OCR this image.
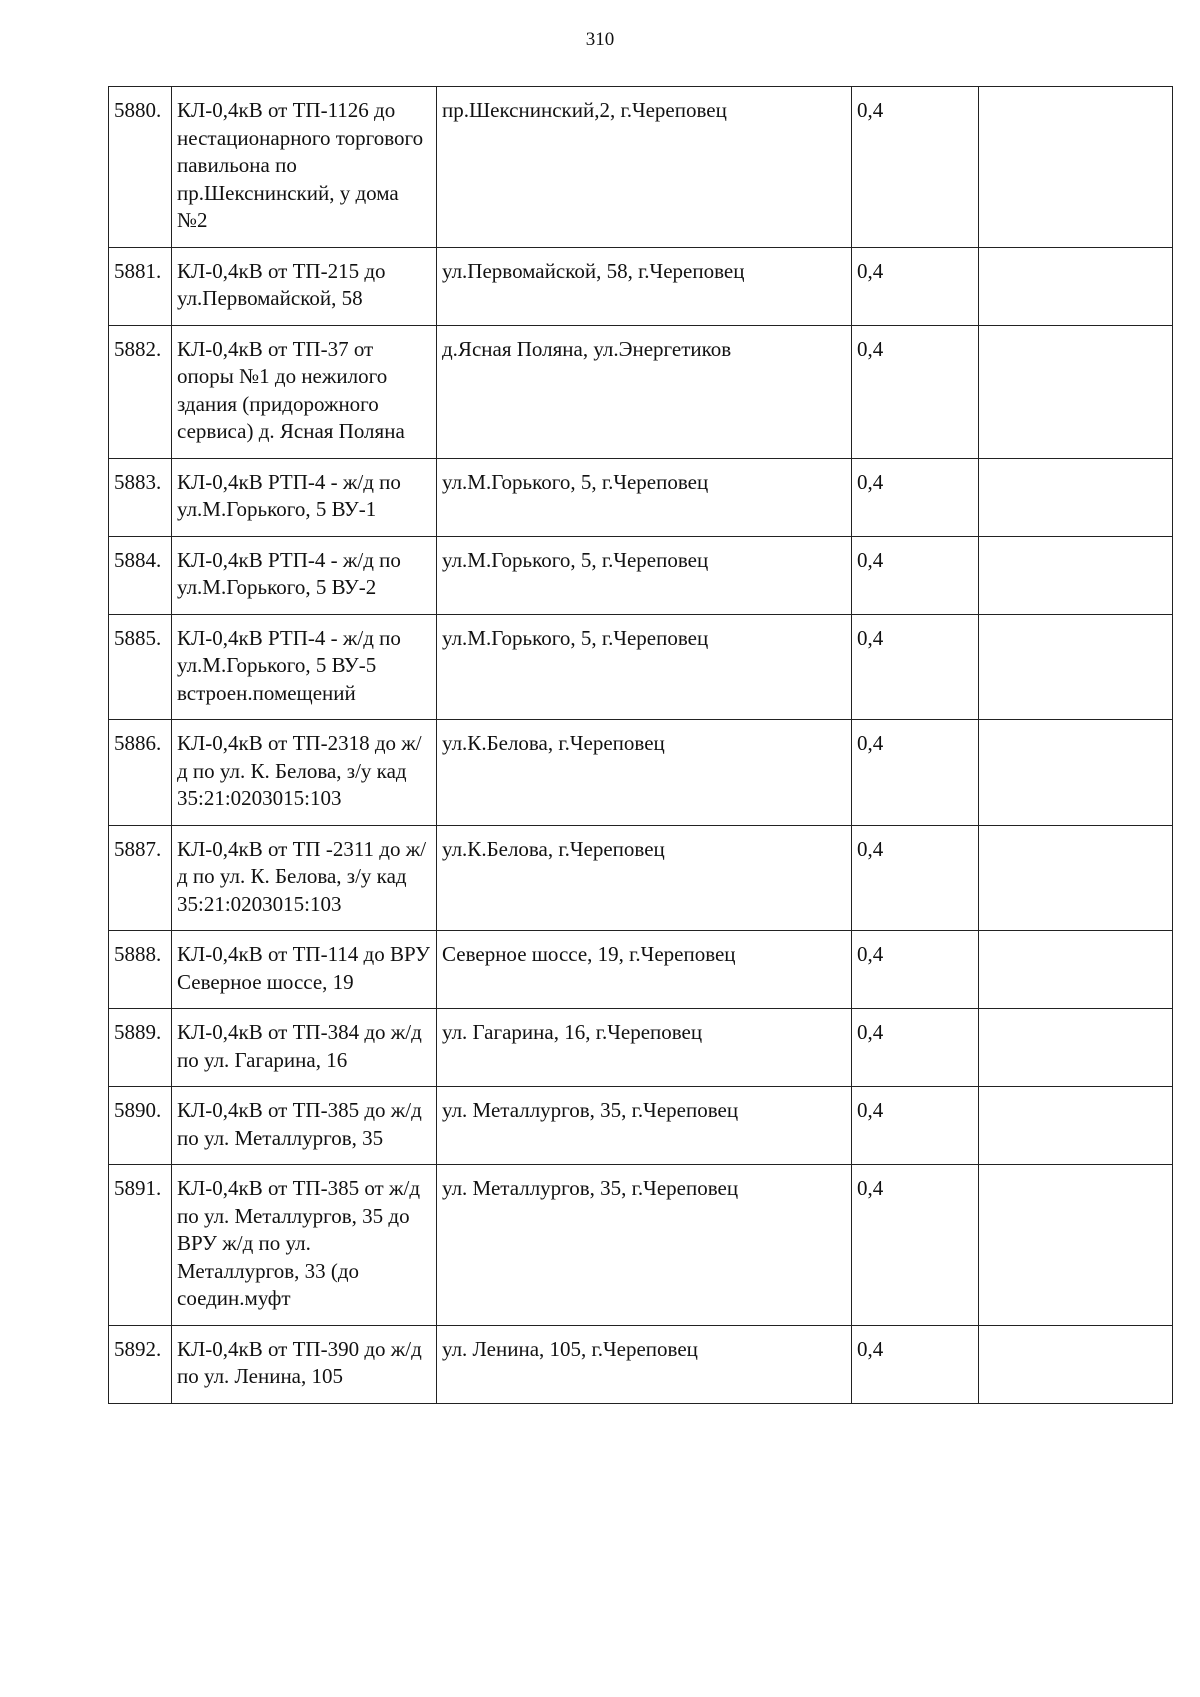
310
5880.	КЛ-0,4кВ от ТП-1126 до нестационарного торгового павильона по пр.Шекснинский, у дома №2	пр.Шекснинский,2, г.Череповец	0,4	
5881.	КЛ-0,4кВ от ТП-215 до ул.Первомайской, 58	ул.Первомайской, 58, г.Череповец	0,4	
5882.	КЛ-0,4кВ от ТП-37 от опоры №1 до нежилого здания (придорожного сервиса) д. Ясная Поляна	д.Ясная Поляна, ул.Энергетиков	0,4	
5883.	КЛ-0,4кВ РТП-4 - ж/д по ул.М.Горького, 5 ВУ-1	ул.М.Горького, 5, г.Череповец	0,4	
5884.	КЛ-0,4кВ РТП-4 - ж/д по ул.М.Горького, 5 ВУ-2	ул.М.Горького, 5, г.Череповец	0,4	
5885.	КЛ-0,4кВ РТП-4 - ж/д по ул.М.Горького, 5 ВУ-5 встроен.помещений	ул.М.Горького, 5, г.Череповец	0,4	
5886.	КЛ-0,4кВ от ТП-2318 до ж/д по ул. К. Белова, з/у кад 35:21:0203015:103	ул.К.Белова, г.Череповец	0,4	
5887.	КЛ-0,4кВ от ТП -2311 до ж/д по ул. К. Белова, з/у кад 35:21:0203015:103	ул.К.Белова, г.Череповец	0,4	
5888.	КЛ-0,4кВ от ТП-114 до ВРУ Северное шоссе, 19	Северное шоссе, 19, г.Череповец	0,4	
5889.	КЛ-0,4кВ от ТП-384 до ж/д по ул. Гагарина, 16	ул. Гагарина, 16, г.Череповец	0,4	
5890.	КЛ-0,4кВ от ТП-385 до ж/д по ул. Металлургов, 35	ул. Металлургов, 35, г.Череповец	0,4	
5891.	КЛ-0,4кВ от ТП-385 от ж/д по ул. Металлургов, 35 до ВРУ ж/д по ул. Металлургов, 33 (до соедин.муфт	ул. Металлургов, 35, г.Череповец	0,4	
5892.	КЛ-0,4кВ от ТП-390 до ж/д по ул. Ленина, 105	ул. Ленина, 105, г.Череповец	0,4	
